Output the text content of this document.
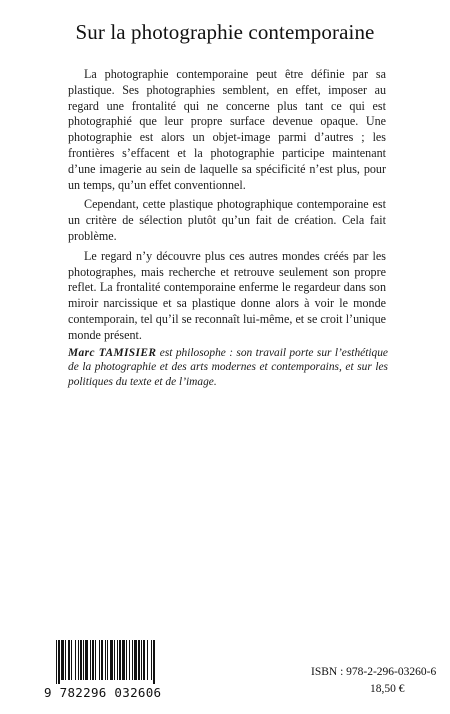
Sur la photographie contemporaine

La photographie contemporaine peut être définie par sa plastique. Ses photographies semblent, en effet, imposer au regard une frontalité qui ne concerne plus tant ce qui est photographié que leur propre surface devenue opaque. Une photographie est alors un objet-image parmi d’autres ; les frontières s’effacent et la photographie participe maintenant d’une imagerie au sein de laquelle sa spécificité n’est plus, pour un temps, qu’un effet conventionnel.

Cependant, cette plastique photographique contemporaine est un critère de sélection plutôt qu’un fait de création. Cela fait problème.

Le regard n’y découvre plus ces autres mondes créés par les photographes, mais recherche et retrouve seulement son propre reflet. La frontalité contemporaine enferme le regardeur dans son miroir narcissique et sa plastique donne alors à voir le monde contemporain, tel qu’il se reconnaît lui-même, et se croit l’unique monde présent.

Marc TAMISIER est philosophe : son travail porte sur l’esthétique de la photographie et des arts modernes et contemporains, et sur les politiques du texte et de l’image.
9 782296 032606
ISBN : 978-2-296-03260-6
18,50 €
